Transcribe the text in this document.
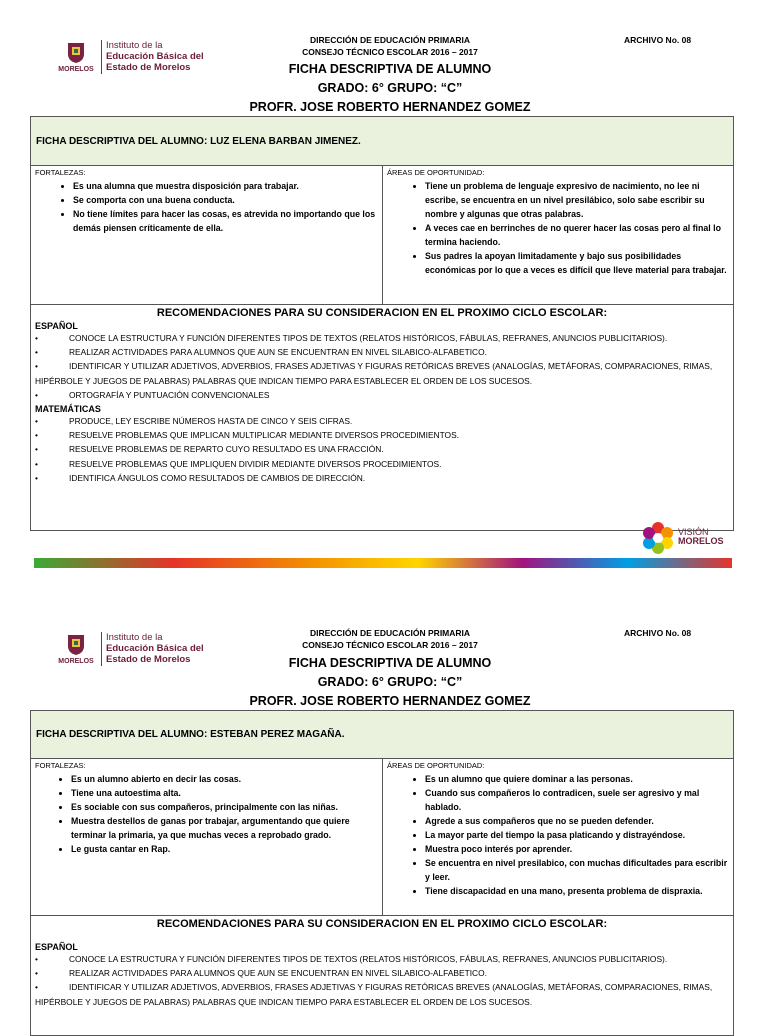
MORELOS
Instituto de la
Educación Básica del
Estado de Morelos
DIRECCIÓN DE EDUCACIÓN PRIMARIA
CONSEJO TÉCNICO ESCOLAR 2016 – 2017
ARCHIVO No. 08
FICHA DESCRIPTIVA DE ALUMNO
GRADO: 6° GRUPO: “C”
PROFR. JOSE ROBERTO HERNANDEZ GOMEZ
FICHA DESCRIPTIVA DEL ALUMNO: LUZ ELENA BARBAN JIMENEZ.
FORTALEZAS:
• Es una alumna que muestra disposición para trabajar.
• Se comporta con una buena conducta.
• No tiene límites para hacer las cosas, es atrevida no importando que los demás piensen críticamente de ella.
ÁREAS DE OPORTUNIDAD:
• Tiene un problema de lenguaje expresivo de nacimiento, no lee ni escribe, se encuentra en un nivel presilábico, solo sabe escribir su nombre y algunas que otras palabras.
• A veces cae en berrinches de no querer hacer las cosas pero al final lo termina haciendo.
• Sus padres la apoyan limitadamente y bajo sus posibilidades económicas por lo que a veces es difícil que lleve material para trabajar.
RECOMENDACIONES PARA SU CONSIDERACION EN EL PROXIMO CICLO ESCOLAR:
ESPAÑOL
•	CONOCE LA ESTRUCTURA Y FUNCIÓN DIFERENTES TIPOS DE TEXTOS (RELATOS HISTÓRICOS, FÁBULAS, REFRANES, ANUNCIOS PUBLICITARIOS).
•	REALIZAR ACTIVIDADES PARA ALUMNOS QUE AUN SE ENCUENTRAN EN NIVEL SILABICO-ALFABETICO.
•	IDENTIFICAR Y UTILIZAR ADJETIVOS, ADVERBIOS, FRASES ADJETIVAS Y FIGURAS RETÓRICAS BREVES (ANALOGÍAS, METÁFORAS, COMPARACIONES, RIMAS, HIPÉRBOLE Y JUEGOS DE PALABRAS) PALABRAS QUE INDICAN TIEMPO PARA ESTABLECER EL ORDEN DE LOS SUCESOS.
•	ORTOGRAFÍA Y PUNTUACIÓN CONVENCIONALES
MATEMÁTICAS
•	PRODUCE, LEY ESCRIBE NÚMEROS HASTA DE CINCO Y SEIS CIFRAS.
•	RESUELVE PROBLEMAS QUE IMPLICAN MULTIPLICAR MEDIANTE DIVERSOS PROCEDIMIENTOS.
•	RESUELVE PROBLEMAS DE REPARTO CUYO RESULTADO ES UNA FRACCIÓN.
•	RESUELVE PROBLEMAS QUE IMPLIQUEN DIVIDIR MEDIANTE DIVERSOS PROCEDIMIENTOS.
•	IDENTIFICA ÁNGULOS COMO RESULTADOS DE CAMBIOS DE DIRECCIÓN.
VISIÓN
MORELOS
MORELOS
Instituto de la
Educación Básica del
Estado de Morelos
DIRECCIÓN DE EDUCACIÓN PRIMARIA
CONSEJO TÉCNICO ESCOLAR 2016 – 2017
ARCHIVO No. 08
FICHA DESCRIPTIVA DE ALUMNO
GRADO: 6° GRUPO: “C”
PROFR. JOSE ROBERTO HERNANDEZ GOMEZ
FICHA DESCRIPTIVA DEL ALUMNO: ESTEBAN PEREZ MAGAÑA.
FORTALEZAS:
• Es un alumno abierto en decir las cosas.
• Tiene una autoestima alta.
• Es sociable con sus compañeros, principalmente con las niñas.
• Muestra destellos de ganas por trabajar, argumentando que quiere terminar la primaria, ya que muchas veces a reprobado grado.
• Le gusta cantar en Rap.
ÁREAS DE OPORTUNIDAD:
• Es un alumno que quiere dominar a las personas.
• Cuando sus compañeros lo contradicen, suele ser agresivo y mal hablado.
• Agrede a sus compañeros que no se pueden defender.
• La mayor parte del tiempo la pasa platicando y distrayéndose.
• Muestra poco interés por aprender.
• Se encuentra en nivel presilabico, con muchas dificultades para escribir y leer.
• Tiene discapacidad en una mano, presenta problema de dispraxia.
RECOMENDACIONES PARA SU CONSIDERACION EN EL PROXIMO CICLO ESCOLAR:
ESPAÑOL
•	CONOCE LA ESTRUCTURA Y FUNCIÓN DIFERENTES TIPOS DE TEXTOS (RELATOS HISTÓRICOS, FÁBULAS, REFRANES, ANUNCIOS PUBLICITARIOS).
•	REALIZAR ACTIVIDADES PARA ALUMNOS QUE AUN SE ENCUENTRAN EN NIVEL SILABICO-ALFABETICO.
•	IDENTIFICAR Y UTILIZAR ADJETIVOS, ADVERBIOS, FRASES ADJETIVAS Y FIGURAS RETÓRICAS BREVES (ANALOGÍAS, METÁFORAS, COMPARACIONES, RIMAS, HIPÉRBOLE Y JUEGOS DE PALABRAS) PALABRAS QUE INDICAN TIEMPO PARA ESTABLECER EL ORDEN DE LOS SUCESOS.
